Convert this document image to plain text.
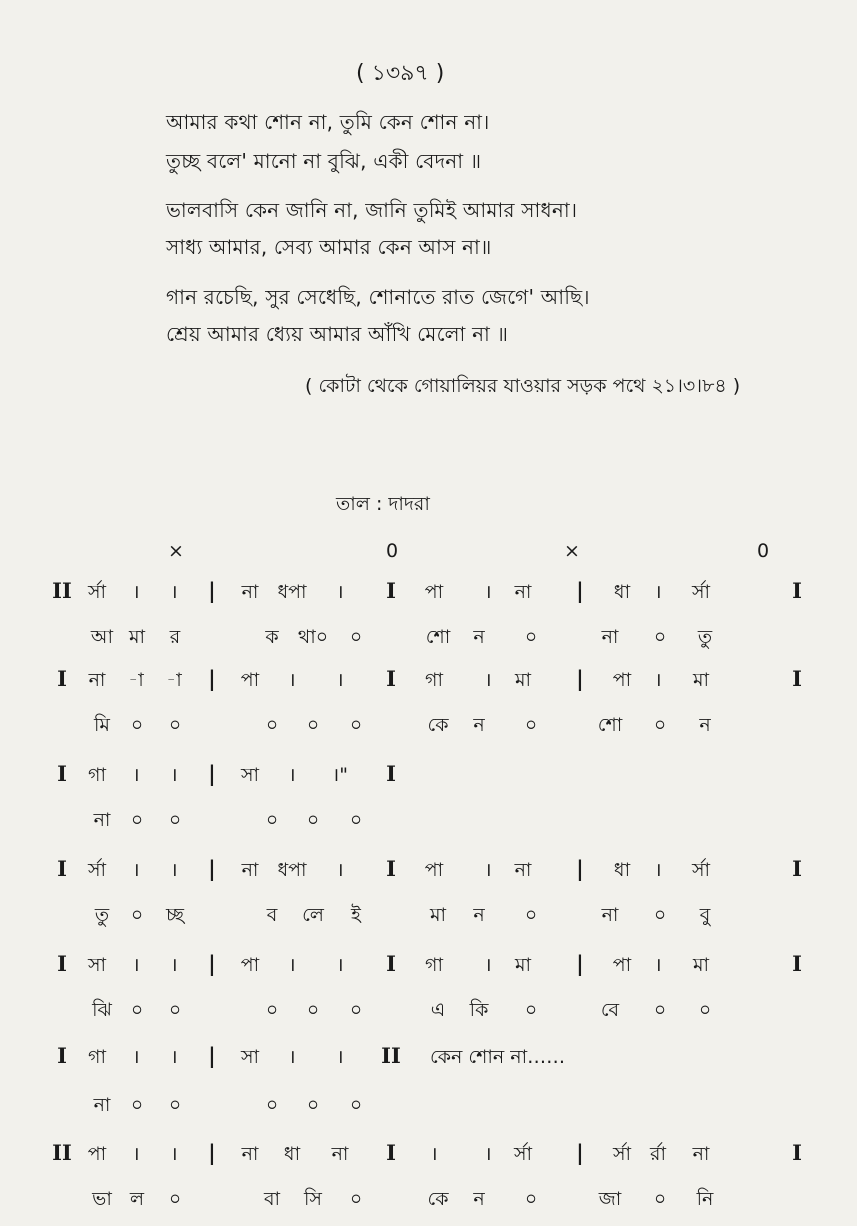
( ১৩৯৭ )
আমার কথা শোন না, তুমি কেন শোন না।
তুচ্ছ বলে' মানো না বুঝি, একী বেদনা ॥
ভালবাসি কেন জানি না, জানি তুমিই আমার সাধনা।
সাধ্য আমার, সেব্য আমার কেন আস না॥
গান রচেছি, সুর সেধেছি, শোনাতে রাত জেগে' আছি।
শ্রেয় আমার ধ্যেয় আমার আঁখি মেলো না ॥
( কোটা থেকে গোয়ালিয়র যাওয়ার সড়ক পথে ২১।৩।৮৪ )
তাল : দাদরা
×	0	×	0
II র্সা । । | না ধপা । I পা । না | ধা । র্সা	I
আ মা র	ক থা০ ০	শো ন ০	না ০ তু
I না -া -া | পা । । I গা । মা | পা । মা	I
মি ০ ০	০ ০ ০	কে ন ০	শো ০ ন
I গা । । | সা । ।" I
না ০ ০	০ ০ ০
I র্সা । । | না ধপা । I পা । না | ধা । র্সা	I
তু ০ চ্ছ	ব লে ই	মা ন ০	না ০ বু
I সা । । | পা । । I গা । মা | পা । মা	I
ঝি ০ ০	০ ০ ০	এ কি ০	বে ০ ০
I গা । । | সা । । II কেন শোন না……
না ০ ০	০ ০ ০
II পা । । | না ধা না I । । র্সা | র্সা র্রা না	I
ভা ল ০	বা সি ০	কে ন ০	জা ০ নি
